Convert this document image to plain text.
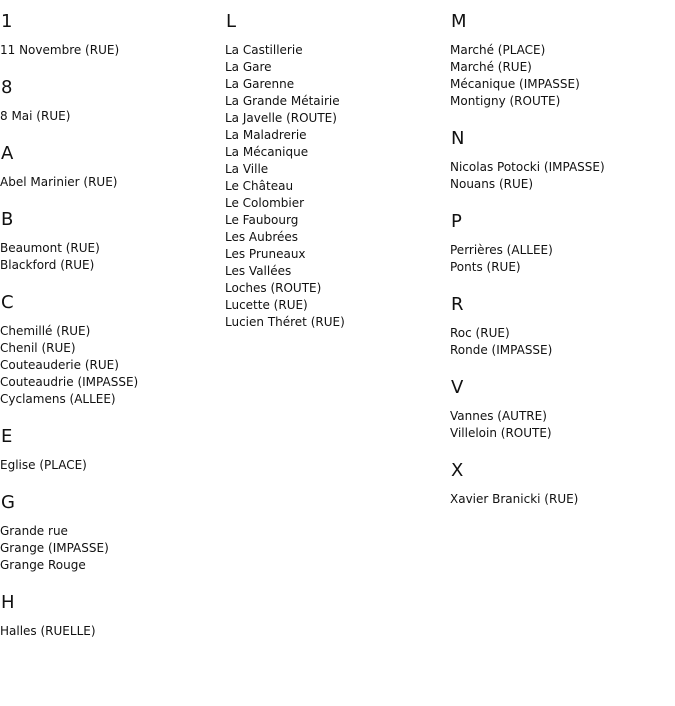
1
11 Novembre (RUE)
8
8 Mai (RUE)
A
Abel Marinier (RUE)
B
Beaumont (RUE)
Blackford (RUE)
C
Chemillé (RUE)
Chenil (RUE)
Couteauderie (RUE)
Couteaudrie (IMPASSE)
Cyclamens (ALLEE)
E
Eglise (PLACE)
G
Grande rue
Grange (IMPASSE)
Grange Rouge
H
Halles (RUELLE)
L
La Castillerie
La Gare
La Garenne
La Grande Métairie
La Javelle (ROUTE)
La Maladrerie
La Mécanique
La Ville
Le Château
Le Colombier
Le Faubourg
Les Aubrées
Les Pruneaux
Les Vallées
Loches (ROUTE)
Lucette (RUE)
Lucien Théret (RUE)
M
Marché (PLACE)
Marché (RUE)
Mécanique (IMPASSE)
Montigny (ROUTE)
N
Nicolas Potocki (IMPASSE)
Nouans (RUE)
P
Perrières (ALLEE)
Ponts (RUE)
R
Roc (RUE)
Ronde (IMPASSE)
V
Vannes (AUTRE)
Villeloin (ROUTE)
X
Xavier Branicki (RUE)
